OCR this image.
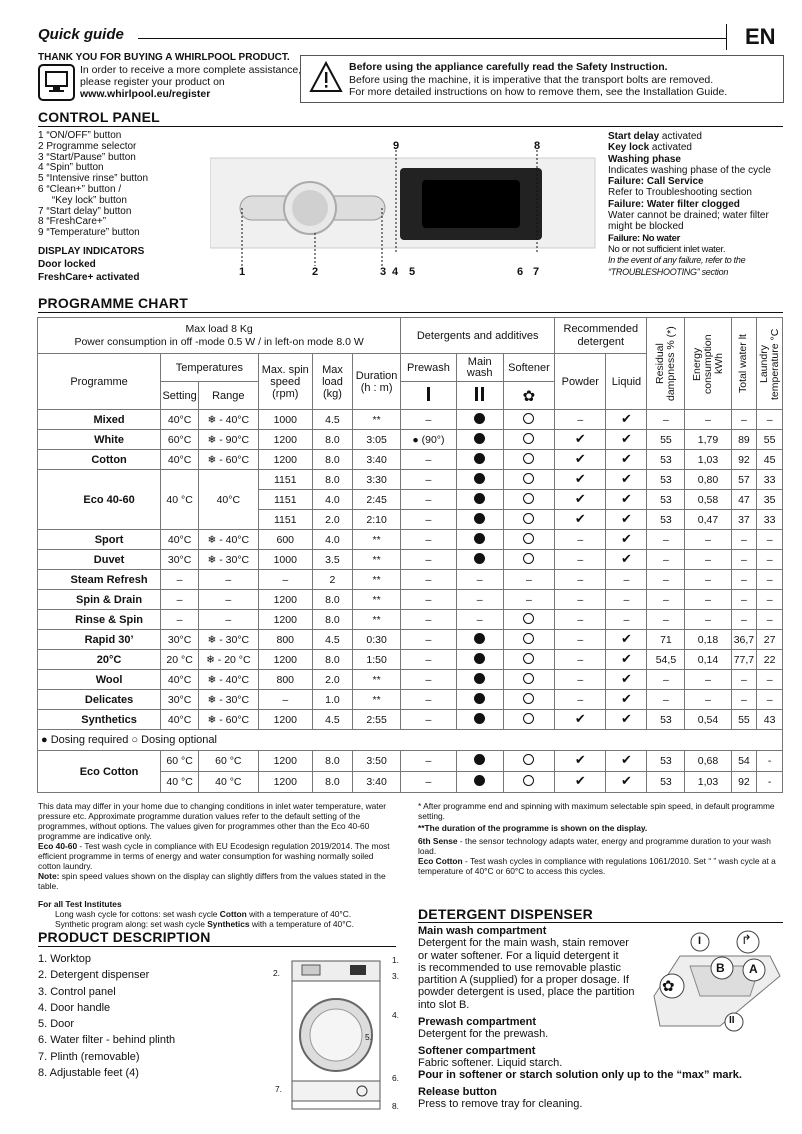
Quick guide	EN
THANK YOU FOR BUYING A WHIRLPOOL PRODUCT.
In order to receive a more complete assistance,
please register your product on
www.whirlpool.eu/register
Before using the appliance carefully read the Safety Instruction.
Before using the machine, it is imperative that the transport bolts are removed.
For more detailed instructions on how to remove them, see the Installation Guide.
CONTROL PANEL
1 “ON/OFF” button
2 Programme selector
3 “Start/Pause” button
4 “Spin” button
5 “Intensive rinse” button
6 “Clean+” button /
“Key lock” button
7 “Start delay” button
8 “FreshCare+”
9 “Temperature” button
DISPLAY INDICATORS
Door locked
FreshCare+ activated
9	8
1	2	3 4 5	6 7
Start delay activated
Key lock activated
Washing phase
Indicates washing phase of the cycle
Failure: Call Service
Refer to Troubleshooting section
Failure: Water filter clogged
Water cannot be drained; water filter
might be blocked
Failure: No water
No or not sufficient inlet water.
In the event of any failure, refer to the
“TROUBLESHOOTING” section
PROGRAMME CHART
Max load 8 Kg
Power consumption in off -mode 0.5 W / in left-on mode 8.0 W						Detergents and additives			Recommended detergent		Residual dampness % (*)	Energy consumption kWh	Total water lt	Laundry temperature °C

Programme	Temperatures		Max. spin speed (rpm)	Max load (kg)	Duration (h : m)	Prewash	Main wash	Softener	Powder	Liquid				
	Setting	Range						✿						

Mixed	40°C	❄ - 40°C	1000	4.5	**	–			–	✔	–	–	–	–

White	60°C	❄ - 90°C	1200	8.0	3:05	● (90°)			✔	✔	55	1,79	89	55

Cotton	40°C	❄ - 60°C	1200	8.0	3:40	–			✔	✔	53	1,03	92	45
Eco 40-60	40 °C	40°C	1151	8.0	3:30	–			✔	✔	53	0,80	57	33
			1151	4.0	2:45	–			✔	✔	53	0,58	47	35
			1151	2.0	2:10	–			✔	✔	53	0,47	37	33

Sport	40°C	❄ - 40°C	600	4.0	**	–			–	✔	–	–	–	–

Duvet	30°C	❄ - 30°C	1000	3.5	**	–			–	✔	–	–	–	–

Steam Refresh	–	–	–	2	**	–	–	–	–	–	–	–	–	–

Spin & Drain	–	–	1200	8.0	**	–	–	–	–	–	–	–	–	–

Rinse & Spin	–	–	1200	8.0	**	–	–		–	–	–	–	–	–

Rapid 30’	30°C	❄ - 30°C	800	4.5	0:30	–			–	✔	71	0,18	36,7	27

20°C	20 °C	❄ - 20 °C	1200	8.0	1:50	–			–	✔	54,5	0,14	77,7	22

Wool	40°C	❄ - 40°C	800	2.0	**	–			–	✔	–	–	–	–

Delicates	30°C	❄ - 30°C	–	1.0	**	–			–	✔	–	–	–	–

Synthetics	40°C	❄ - 60°C	1200	4.5	2:55	–			✔	✔	53	0,54	55	43
● Dosing required ○ Dosing optional														
Eco Cotton	60 °C	60 °C	1200	8.0	3:50	–			✔	✔	53	0,68	54	-
	40 °C	40 °C	1200	8.0	3:40	–			✔	✔	53	1,03	92	-
This data may differ in your home due to changing conditions in inlet water temperature, water pressure etc. Approximate programme duration values refer to the default setting of the programmes, without options. The values given for programmes other than the Eco 40-60 programme are indicative only.
Eco 40-60 - Test wash cycle in compliance with EU Ecodesign regulation 2019/2014. The most efficient programme in terms of energy and water consumption for washing normally soiled cotton laundry.
Note: spin speed values shown on the display can slightly differs from the values stated in the table.
For all Test Institutes
Long wash cycle for cottons: set wash cycle Cotton with a temperature of 40°C.
Synthetic program along: set wash cycle Synthetics with a temperature of 40°C.
* After programme end and spinning with maximum selectable spin speed, in default programme setting.
**The duration of the programme is shown on the display.
6th Sense - the sensor technology adapts water, energy and programme duration to your wash load.
Eco Cotton - Test wash cycles in compliance with regulations 1061/2010. Set “ ” wash cycle at a temperature of 40°C or 60°C to access this cycles.
PRODUCT DESCRIPTION
1. Worktop
2. Detergent dispenser
3. Control panel
4. Door handle
5. Door
6. Water filter - behind plinth
7. Plinth (removable)
8. Adjustable feet (4)
1.
2.	3.
4.
5.
6.
7.
8.
DETERGENT DISPENSER
Main wash compartment
Detergent for the main wash, stain remover
or water softener. For a liquid detergent it
is recommended to use removable plastic
partition A (supplied) for a proper dosage. If
powder detergent is used, place the partition
into slot B.
Prewash compartment
Detergent for the prewash.
Softener compartment
Fabric softener. Liquid starch.
Pour in softener or starch solution only up to the “max” mark.
Release button
Press to remove tray for cleaning.
I
B A
II
✿
↱
